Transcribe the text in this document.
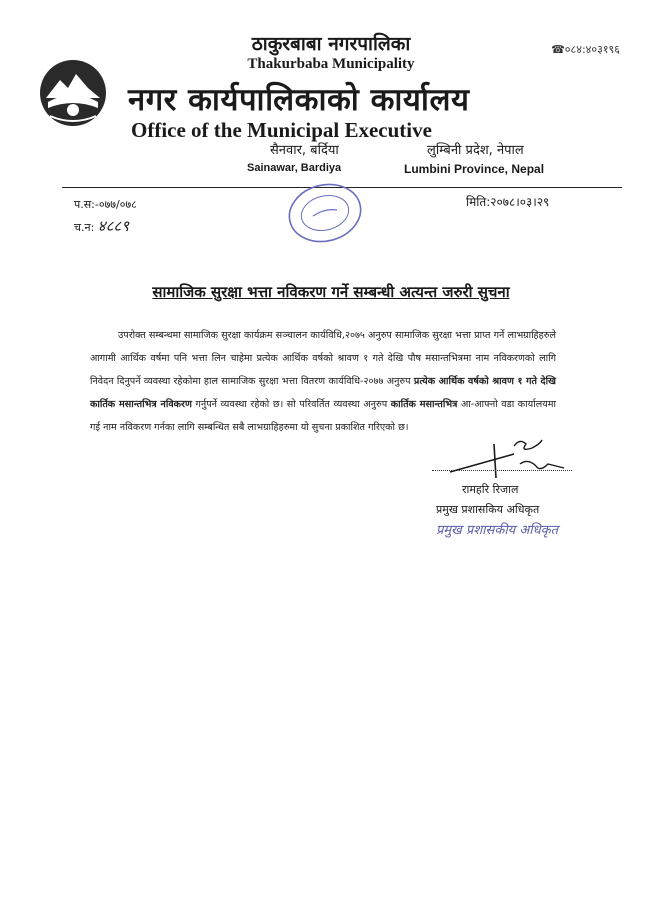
☎०८४:४०३१९६
ठाकुरबाबा नगरपालिका
Thakurbaba Municipality
नगर कार्यपालिकाको कार्यालय
Office of the Municipal Executive
सैनवार, बर्दिया
Sainawar, Bardiya
लुम्बिनी प्रदेश, नेपाल
Lumbini Province, Nepal
प.स:-०७७/०७८
च.न: ४८८९
मिति:२०७८।०३।२९
सामाजिक सुरक्षा भत्ता नविकरण गर्ने सम्बन्धी अत्यन्त जरुरी सुचना
उपरोक्त सम्बन्धमा सामाजिक सुरक्षा कार्यक्रम सञ्चालन कार्यविधि,२०७५ अनुरुप सामाजिक सुरक्षा भत्ता प्राप्त गर्ने लाभग्राहिहरुले आगामी आर्थिक वर्षमा पनि भत्ता लिन चाहेमा प्रत्येक आर्थिक वर्षको श्रावण १ गते देखि पौष मसान्तभित्रमा नाम नविकरणको लागि निवेदन दिनुपर्ने व्यवस्था रहेकोमा हाल सामाजिक सुरक्षा भत्ता वितरण कार्यविधि-२०७७ अनुरुप प्रत्येक आर्थिक वर्षको श्रावण १ गते देखि कार्तिक मसान्तभित्र नविकरण गर्नुपर्ने व्यवस्था रहेको छ। सो परिवर्तित व्यवस्था अनुरुप कार्तिक मसान्तभित्र आ-आफ्नो वडा कार्यालयमा गई नाम नविकरण गर्नका लागि सम्बन्धित सबै लाभग्राहिहरुमा यो सुचना प्रकाशित गरिएको छ।
रामहरि रिजाल
प्रमुख प्रशासकिय अधिकृत
प्रमुख प्रशासकीय अधिकृत
